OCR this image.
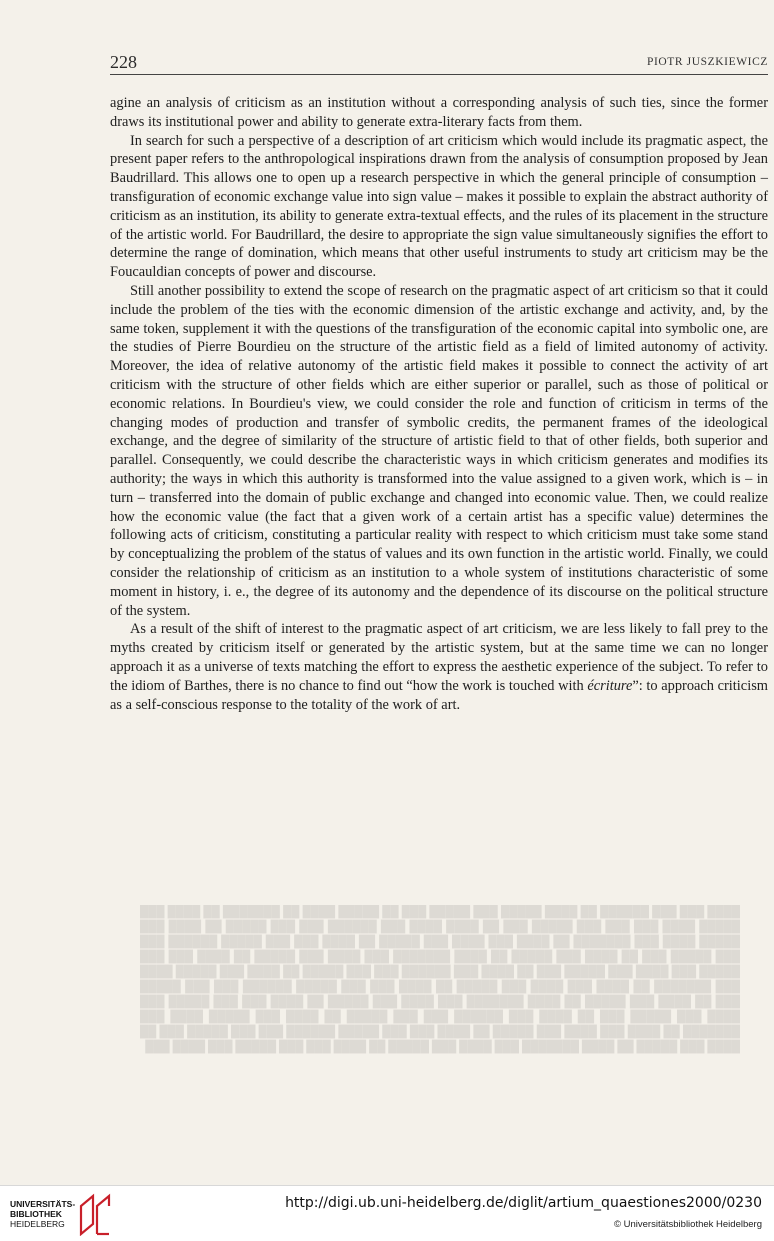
228	PIOTR JUSZKIEWICZ

agine an analysis of criticism as an institution without a corresponding analysis of such ties, since the former draws its institutional power and ability to generate extra-literary facts from them.

In search for such a perspective of a description of art criticism which would include its pragmatic aspect, the present paper refers to the anthropological inspirations drawn from the analysis of consumption proposed by Jean Baudrillard. This allows one to open up a research perspective in which the general principle of consumption – transfiguration of economic exchange value into sign value – makes it possible to explain the abstract authority of criticism as an institution, its ability to generate extra-textual effects, and the rules of its placement in the structure of the artistic world. For Baudrillard, the desire to appropriate the sign value simultaneously signifies the effort to determine the range of domination, which means that other useful instruments to study art criticism may be the Foucauldian concepts of power and discourse.

Still another possibility to extend the scope of research on the pragmatic aspect of art criticism so that it could include the problem of the ties with the economic dimension of the artistic exchange and activity, and, by the same token, supplement it with the questions of the transfiguration of the economic capital into symbolic one, are the studies of Pierre Bourdieu on the structure of the artistic field as a field of limited autonomy of activity. Moreover, the idea of relative autonomy of the artistic field makes it possible to connect the activity of art criticism with the structure of other fields which are either superior or parallel, such as those of political or economic relations. In Bourdieu's view, we could consider the role and function of criticism in terms of the changing modes of production and transfer of symbolic credits, the permanent frames of the ideological exchange, and the degree of similarity of the structure of artistic field to that of other fields, both superior and parallel. Consequently, we could describe the characteristic ways in which criticism generates and modifies its authority; the ways in which this authority is transformed into the value assigned to a given work, which is – in turn – transferred into the domain of public exchange and changed into economic value. Then, we could realize how the economic value (the fact that a given work of a certain artist has a specific value) determines the following acts of criticism, constituting a particular reality with respect to which criticism must take some stand by conceptualizing the problem of the status of values and its own function in the artistic world. Finally, we could consider the relationship of criticism as an institution to a whole system of institutions characteristic of some moment in history, i. e., the degree of its autonomy and the dependence of its discourse on the political structure of the system.

As a result of the shift of interest to the pragmatic aspect of art criticism, we are less likely to fall prey to the myths created by criticism itself or generated by the artistic system, but at the same time we can no longer approach it as a universe of texts matching the effort to express the aesthetic experience of the subject. To refer to the idiom of Barthes, there is no chance to find out “how the work is touched with écriture”: to approach criticism as a self-conscious response to the totality of the work of art.

████ ███ ███ ██████ ██ ████ █████ ███ █████ ███ ██ █████ ████ ██ ███████ ██ ████ ███ █████ ████ ███ ███ ███ █████ ███ ██ ████ ████ ███ ██████ ███ ███ █████ ██ ████ ███ █████ ████ ███ ███████ ██ ████ ███ ████ ███ █████ ██ ████ ███ ███ █████ ██████ ███ ███ █████ ███ ██ ████ ███ █████ ██ ████ ███████ ███ ████ ███ █████ ██ ████ ███ ███ █████ ███ ████ ███ █████ ███ ██ ████ ███ ██████ ███ ███ █████ ██ ████ ███ █████ ████ ███ ███████ ██ ████ ███ ████ ███ █████ ██ ████ ███ ███ █████ ██████ ███ ███ █████ ███ ██ ████ ███ █████ ██ ████ ███████ ███ ████ ███ █████ ██ ████ ███ ███ █████ ███ ████ ███ █████ ███ ██ ████ ███ ██████ ███ ███ █████ ██ ████ ███ █████ ████ ███ ███████ ██ ████ ███ ████ ███ █████ ██ ████ ███ ███ █████ ██████ ███ ███ █████ ███ ██ ████ ███ █████ ██ ████ ███████ ███ ████ ███ █████ ██ ████ ███ ███ █████ ███ ████ ███
UNIVERSITÄTS-
BIBLIOTHEK
HEIDELBERG
http://digi.ub.uni-heidelberg.de/diglit/artium_quaestiones2000/0230
© Universitätsbibliothek Heidelberg
